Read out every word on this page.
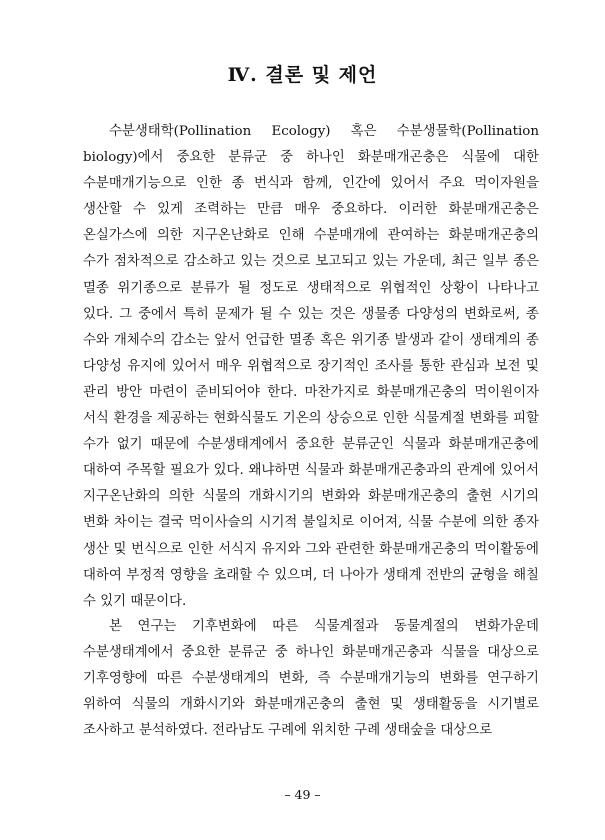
Ⅳ. 결론 및 제언

수분생태학(Pollination Ecology) 혹은 수분생물학(Pollination biology)에서 중요한 분류군 중 하나인 화분매개곤충은 식물에 대한 수분매개기능으로 인한 종 번식과 함께, 인간에 있어서 주요 먹이자원을 생산할 수 있게 조력하는 만큼 매우 중요하다. 이러한 화분매개곤충은 온실가스에 의한 지구온난화로 인해 수분매개에 관여하는 화분매개곤충의 수가 점차적으로 감소하고 있는 것으로 보고되고 있는 가운데, 최근 일부 종은 멸종 위기종으로 분류가 될 정도로 생태적으로 위협적인 상황이 나타나고 있다. 그 중에서 특히 문제가 될 수 있는 것은 생물종 다양성의 변화로써, 종 수와 개체수의 감소는 앞서 언급한 멸종 혹은 위기종 발생과 같이 생태계의 종 다양성 유지에 있어서 매우 위협적으로 장기적인 조사를 통한 관심과 보전 및 관리 방안 마련이 준비되어야 한다. 마찬가지로 화분매개곤충의 먹이원이자 서식 환경을 제공하는 현화식물도 기온의 상승으로 인한 식물계절 변화를 피할 수가 없기 때문에 수분생태계에서 중요한 분류군인 식물과 화분매개곤충에 대하여 주목할 필요가 있다. 왜냐하면 식물과 화분매개곤충과의 관계에 있어서 지구온난화의 의한 식물의 개화시기의 변화와 화분매개곤충의 출현 시기의 변화 차이는 결국 먹이사슬의 시기적 불일치로 이어져, 식물 수분에 의한 종자 생산 및 번식으로 인한 서식지 유지와 그와 관련한 화분매개곤충의 먹이활동에 대하여 부정적 영향을 초래할 수 있으며, 더 나아가 생태계 전반의 균형을 해칠 수 있기 때문이다.

본 연구는 기후변화에 따른 식물계절과 동물계절의 변화가운데 수분생태계에서 중요한 분류군 중 하나인 화분매개곤충과 식물을 대상으로 기후영향에 따른 수분생태계의 변화, 즉 수분매개기능의 변화를 연구하기 위하여 식물의 개화시기와 화분매개곤충의 출현 및 생태활동을 시기별로 조사하고 분석하였다. 전라남도 구례에 위치한 구례 생태숲을 대상으로

– 49 –
